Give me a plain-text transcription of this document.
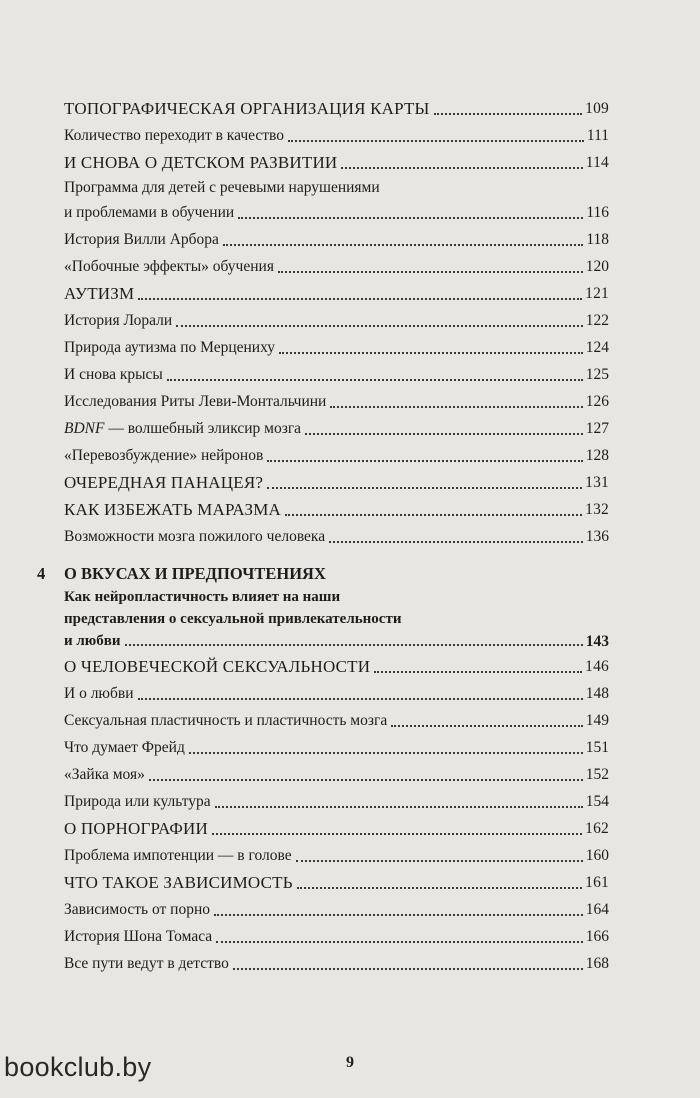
ТОПОГРАФИЧЕСКАЯ ОРГАНИЗАЦИЯ КАРТЫ	109
Количество переходит в качество	111
И СНОВА О ДЕТСКОМ РАЗВИТИИ	114
Программа для детей с речевыми нарушениями
и проблемами в обучении	116
История Вилли Арбора	118
«Побочные эффекты» обучения	120
АУТИЗМ	121
История Лорали	122
Природа аутизма по Мерцениху	124
И снова крысы	125
Исследования Риты Леви-Монтальчини	126
BDNF — волшебный эликсир мозга	127
«Перевозбуждение» нейронов	128
ОЧЕРЕДНАЯ ПАНАЦЕЯ?	131
КАК ИЗБЕЖАТЬ МАРАЗМА	132
Возможности мозга пожилого человека	136
4 О ВКУСАХ И ПРЕДПОЧТЕНИЯХ
Как нейропластичность влияет на наши
представления о сексуальной привлекательности
и любви	143
О ЧЕЛОВЕЧЕСКОЙ СЕКСУАЛЬНОСТИ	146
И о любви	148
Сексуальная пластичность и пластичность мозга	149
Что думает Фрейд	151
«Зайка моя»	152
Природа или культура	154
О ПОРНОГРАФИИ	162
Проблема импотенции — в голове	160
ЧТО ТАКОЕ ЗАВИСИМОСТЬ	161
Зависимость от порно	164
История Шона Томаса	166
Все пути ведут в детство	168
9
bookclub.by
